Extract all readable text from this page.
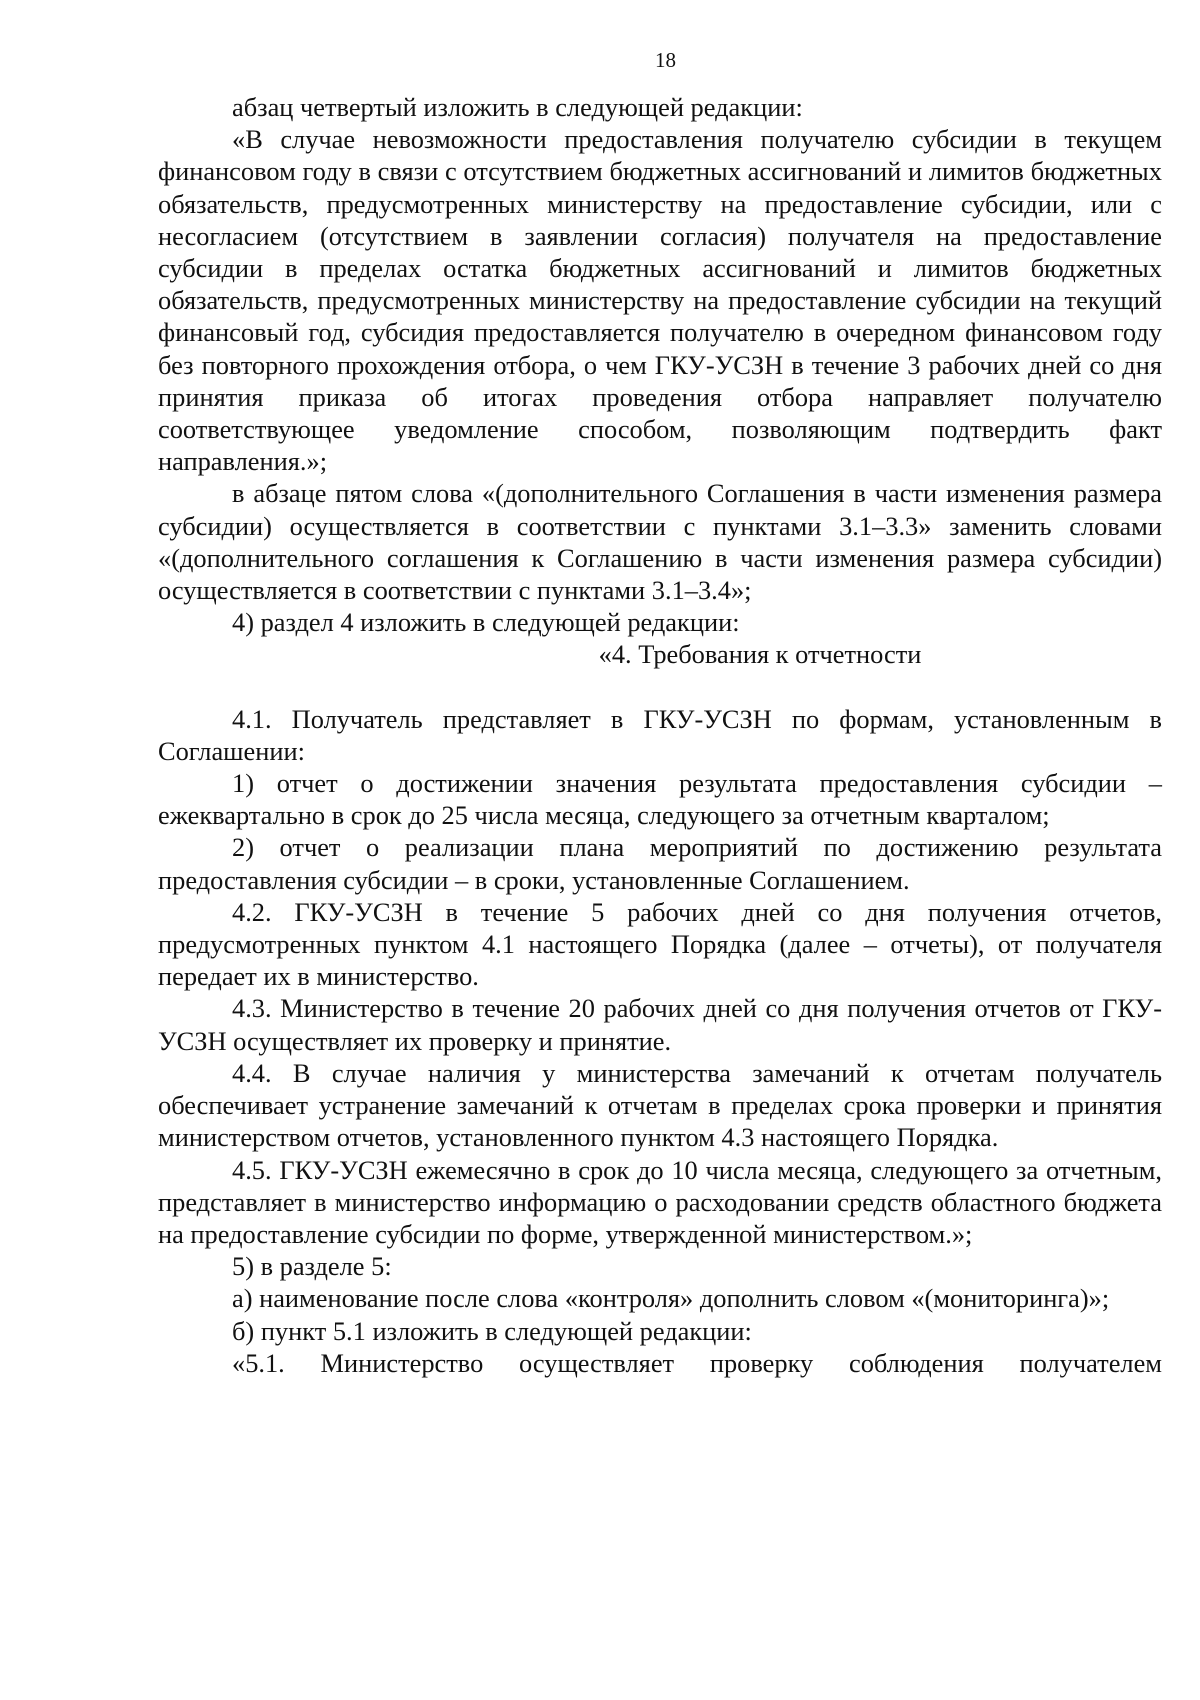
18

абзац четвертый изложить в следующей редакции:

«В случае невозможности предоставления получателю субсидии в текущем финансовом году в связи с отсутствием бюджетных ассигнований и лимитов бюджетных обязательств, предусмотренных министерству на предоставление субсидии, или с несогласием (отсутствием в заявлении согласия) получателя на предоставление субсидии в пределах остатка бюджетных ассигнований и лимитов бюджетных обязательств, предусмотренных министерству на предоставление субсидии на текущий финансовый год, субсидия предоставляется получателю в очередном финансовом году без повторного прохождения отбора, о чем ГКУ-УСЗН в течение 3 рабочих дней со дня принятия приказа об итогах проведения отбора направляет получателю соответствующее уведомление способом, позволяющим подтвердить факт направления.»;

в абзаце пятом слова «(дополнительного Соглашения в части изменения размера субсидии) осуществляется в соответствии с пунктами 3.1–3.3» заменить словами «(дополнительного соглашения к Соглашению в части изменения размера субсидии) осуществляется в соответствии с пунктами 3.1–3.4»;

4) раздел 4 изложить в следующей редакции:

«4. Требования к отчетности

4.1. Получатель представляет в ГКУ-УСЗН по формам, установленным в Соглашении:

1) отчет о достижении значения результата предоставления субсидии – ежеквартально в срок до 25 числа месяца, следующего за отчетным кварталом;

2) отчет о реализации плана мероприятий по достижению результата предоставления субсидии – в сроки, установленные Соглашением.

4.2. ГКУ-УСЗН в течение 5 рабочих дней со дня получения отчетов, предусмотренных пунктом 4.1 настоящего Порядка (далее – отчеты), от получателя передает их в министерство.

4.3. Министерство в течение 20 рабочих дней со дня получения отчетов от ГКУ-УСЗН осуществляет их проверку и принятие.

4.4. В случае наличия у министерства замечаний к отчетам получатель обеспечивает устранение замечаний к отчетам в пределах срока проверки и принятия министерством отчетов, установленного пунктом 4.3 настоящего Порядка.

4.5. ГКУ-УСЗН ежемесячно в срок до 10 числа месяца, следующего за отчетным, представляет в министерство информацию о расходовании средств областного бюджета на предоставление субсидии по форме, утвержденной министерством.»;

5) в разделе 5:

а) наименование после слова «контроля» дополнить словом «(мониторинга)»;

б) пункт 5.1 изложить в следующей редакции:

«5.1. Министерство осуществляет проверку соблюдения получателем
